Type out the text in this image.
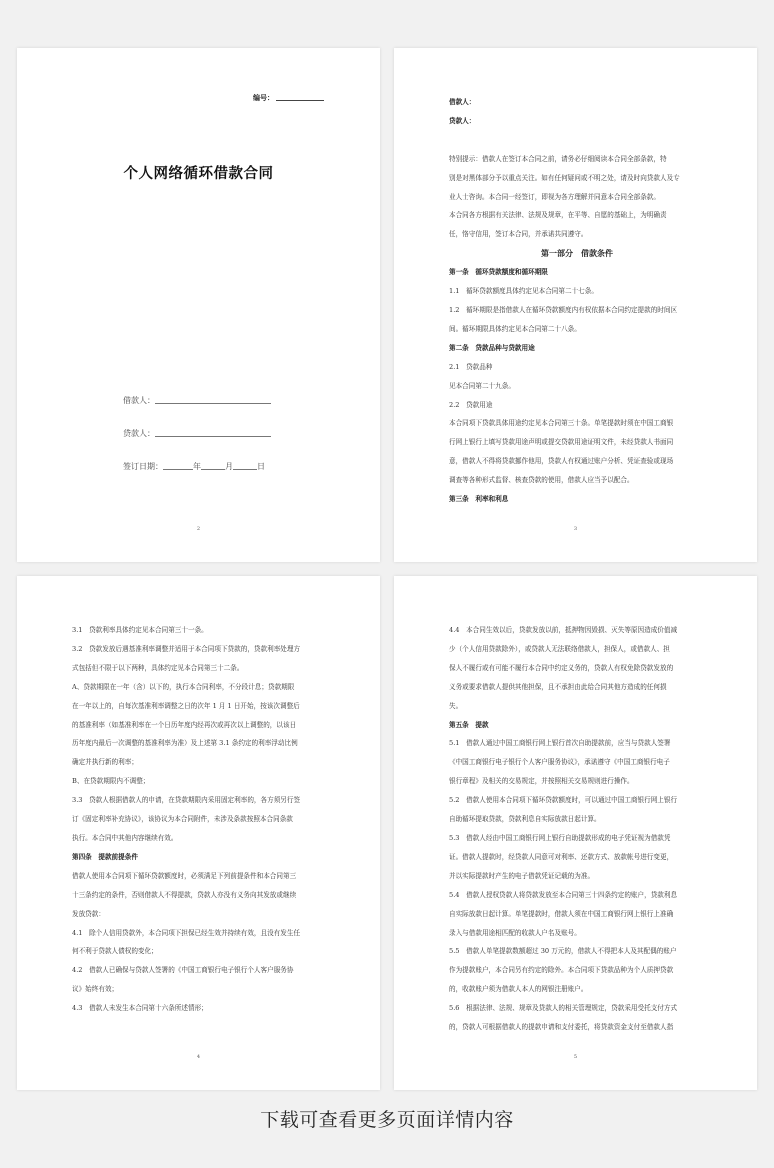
编号：
个人网络循环借款合同
借款人：
贷款人：
签订日期：	年	月	日
2

借款人：

贷款人：

特别提示：借款人在签订本合同之前，请务必仔细阅读本合同全部条款，特

别是对黑体部分予以重点关注。如有任何疑问或不明之处，请及时向贷款人及专

业人士咨询。本合同一经签订，即视为各方理解并同意本合同全部条款。

本合同各方根据有关法律、法规及规章，在平等、自愿的基础上，为明确责

任，恪守信用，签订本合同，并承诺共同遵守。

第一部分　借款条件

第一条　循环贷款额度和循环期限

1.1　循环贷款额度具体约定见本合同第二十七条。

1.2　循环期限是指借款人在循环贷款额度内有权依据本合同约定提款的时间区

间。循环期限具体约定见本合同第二十八条。

第二条　贷款品种与贷款用途

2.1　贷款品种

见本合同第二十九条。

2.2　贷款用途

本合同项下贷款具体用途约定见本合同第三十条。单笔提款时须在中国工商银

行网上银行上填写贷款用途声明或提交贷款用途证明文件，未经贷款人书面同

意，借款人不得将贷款挪作他用，贷款人有权通过账户分析、凭证查验或现场

调查等各种形式监督、核查贷款的使用，借款人应当予以配合。

第三条　利率和利息

3

3.1　贷款利率具体约定见本合同第三十一条。

3.2　贷款发放后遇基准利率调整并适用于本合同项下贷款的，贷款利率处理方

式包括但不限于以下两种，具体约定见本合同第三十二条。

A、贷款期限在一年（含）以下的，执行本合同利率，不分段计息；贷款期限

在一年以上的，自每次基准利率调整之日的次年 1 月 1 日开始，按该次调整后

的基准利率（如基准利率在一个日历年度内经再次或再次以上调整的，以该日

历年度内最后一次调整的基准利率为准）及上述第 3.1 条约定的利率浮动比例

确定并执行新的利率；

B、在贷款期限内不调整；

3.3　贷款人根据借款人的申请，在贷款期限内采用固定利率的，各方须另行签

订《固定利率补充协议》，该协议为本合同附件，未涉及条款按照本合同条款

执行。本合同中其他内容继续有效。

第四条　提款前提条件

借款人使用本合同项下循环贷款额度时，必须满足下列前提条件和本合同第三

十三条约定的条件，否则借款人不得提款，贷款人亦没有义务向其发放或继续

发放贷款：

4.1　除个人信用贷款外，本合同项下担保已经生效并持续有效，且没有发生任

何不利于贷款人债权的变化；

4.2　借款人已确保与贷款人签署的《中国工商银行电子银行个人客户服务协

议》始终有效；

4.3　借款人未发生本合同第十六条所述情形；

4

4.4　本合同生效以后，贷款发放以前，抵押物因毁损、灭失等原因造成价值减

少（个人信用贷款除外），或贷款人无法联络借款人，担保人，或借款人、担

保人不履行或有可能不履行本合同中约定义务的，贷款人有权免除贷款发放的

义务或要求借款人提供其他担保，且不承担由此给合同其他方造成的任何损

失。

第五条　提款

5.1　借款人通过中国工商银行网上银行首次自助提款前，应当与贷款人签署

《中国工商银行电子银行个人客户服务协议》，承诺遵守《中国工商银行电子

银行章程》及相关的交易规定，并按照相关交易规则进行操作。

5.2　借款人使用本合同项下循环贷款额度时，可以通过中国工商银行网上银行

自助循环提取贷款，贷款利息自实际放款日起计算。

5.3　借款人经由中国工商银行网上银行自助提款形成的电子凭证视为借款凭

证。借款人提款时，经贷款人同意可对利率、还款方式、放款帐号进行变更，

并以实际提款时产生的电子借款凭证记载的为准。

5.4　借款人授权贷款人将贷款发放至本合同第三十四条约定的账户，贷款利息

自实际放款日起计算。单笔提款时，借款人须在中国工商银行网上银行上准确

录入与借款用途相匹配的收款人户名及账号。

5.5　借款人单笔提款数额超过 30 万元的，借款人不得把本人及其配偶的账户

作为提款账户，本合同另有约定的除外。本合同项下贷款品种为个人质押贷款

的，收款账户须为借款人本人的网银注册账户。

5.6　根据法律、法规、规章及贷款人的相关管理规定，贷款采用受托支付方式

的，贷款人可根据借款人的提款申请和支付委托，将贷款资金支付至借款人指

5
下载可查看更多页面详情内容
